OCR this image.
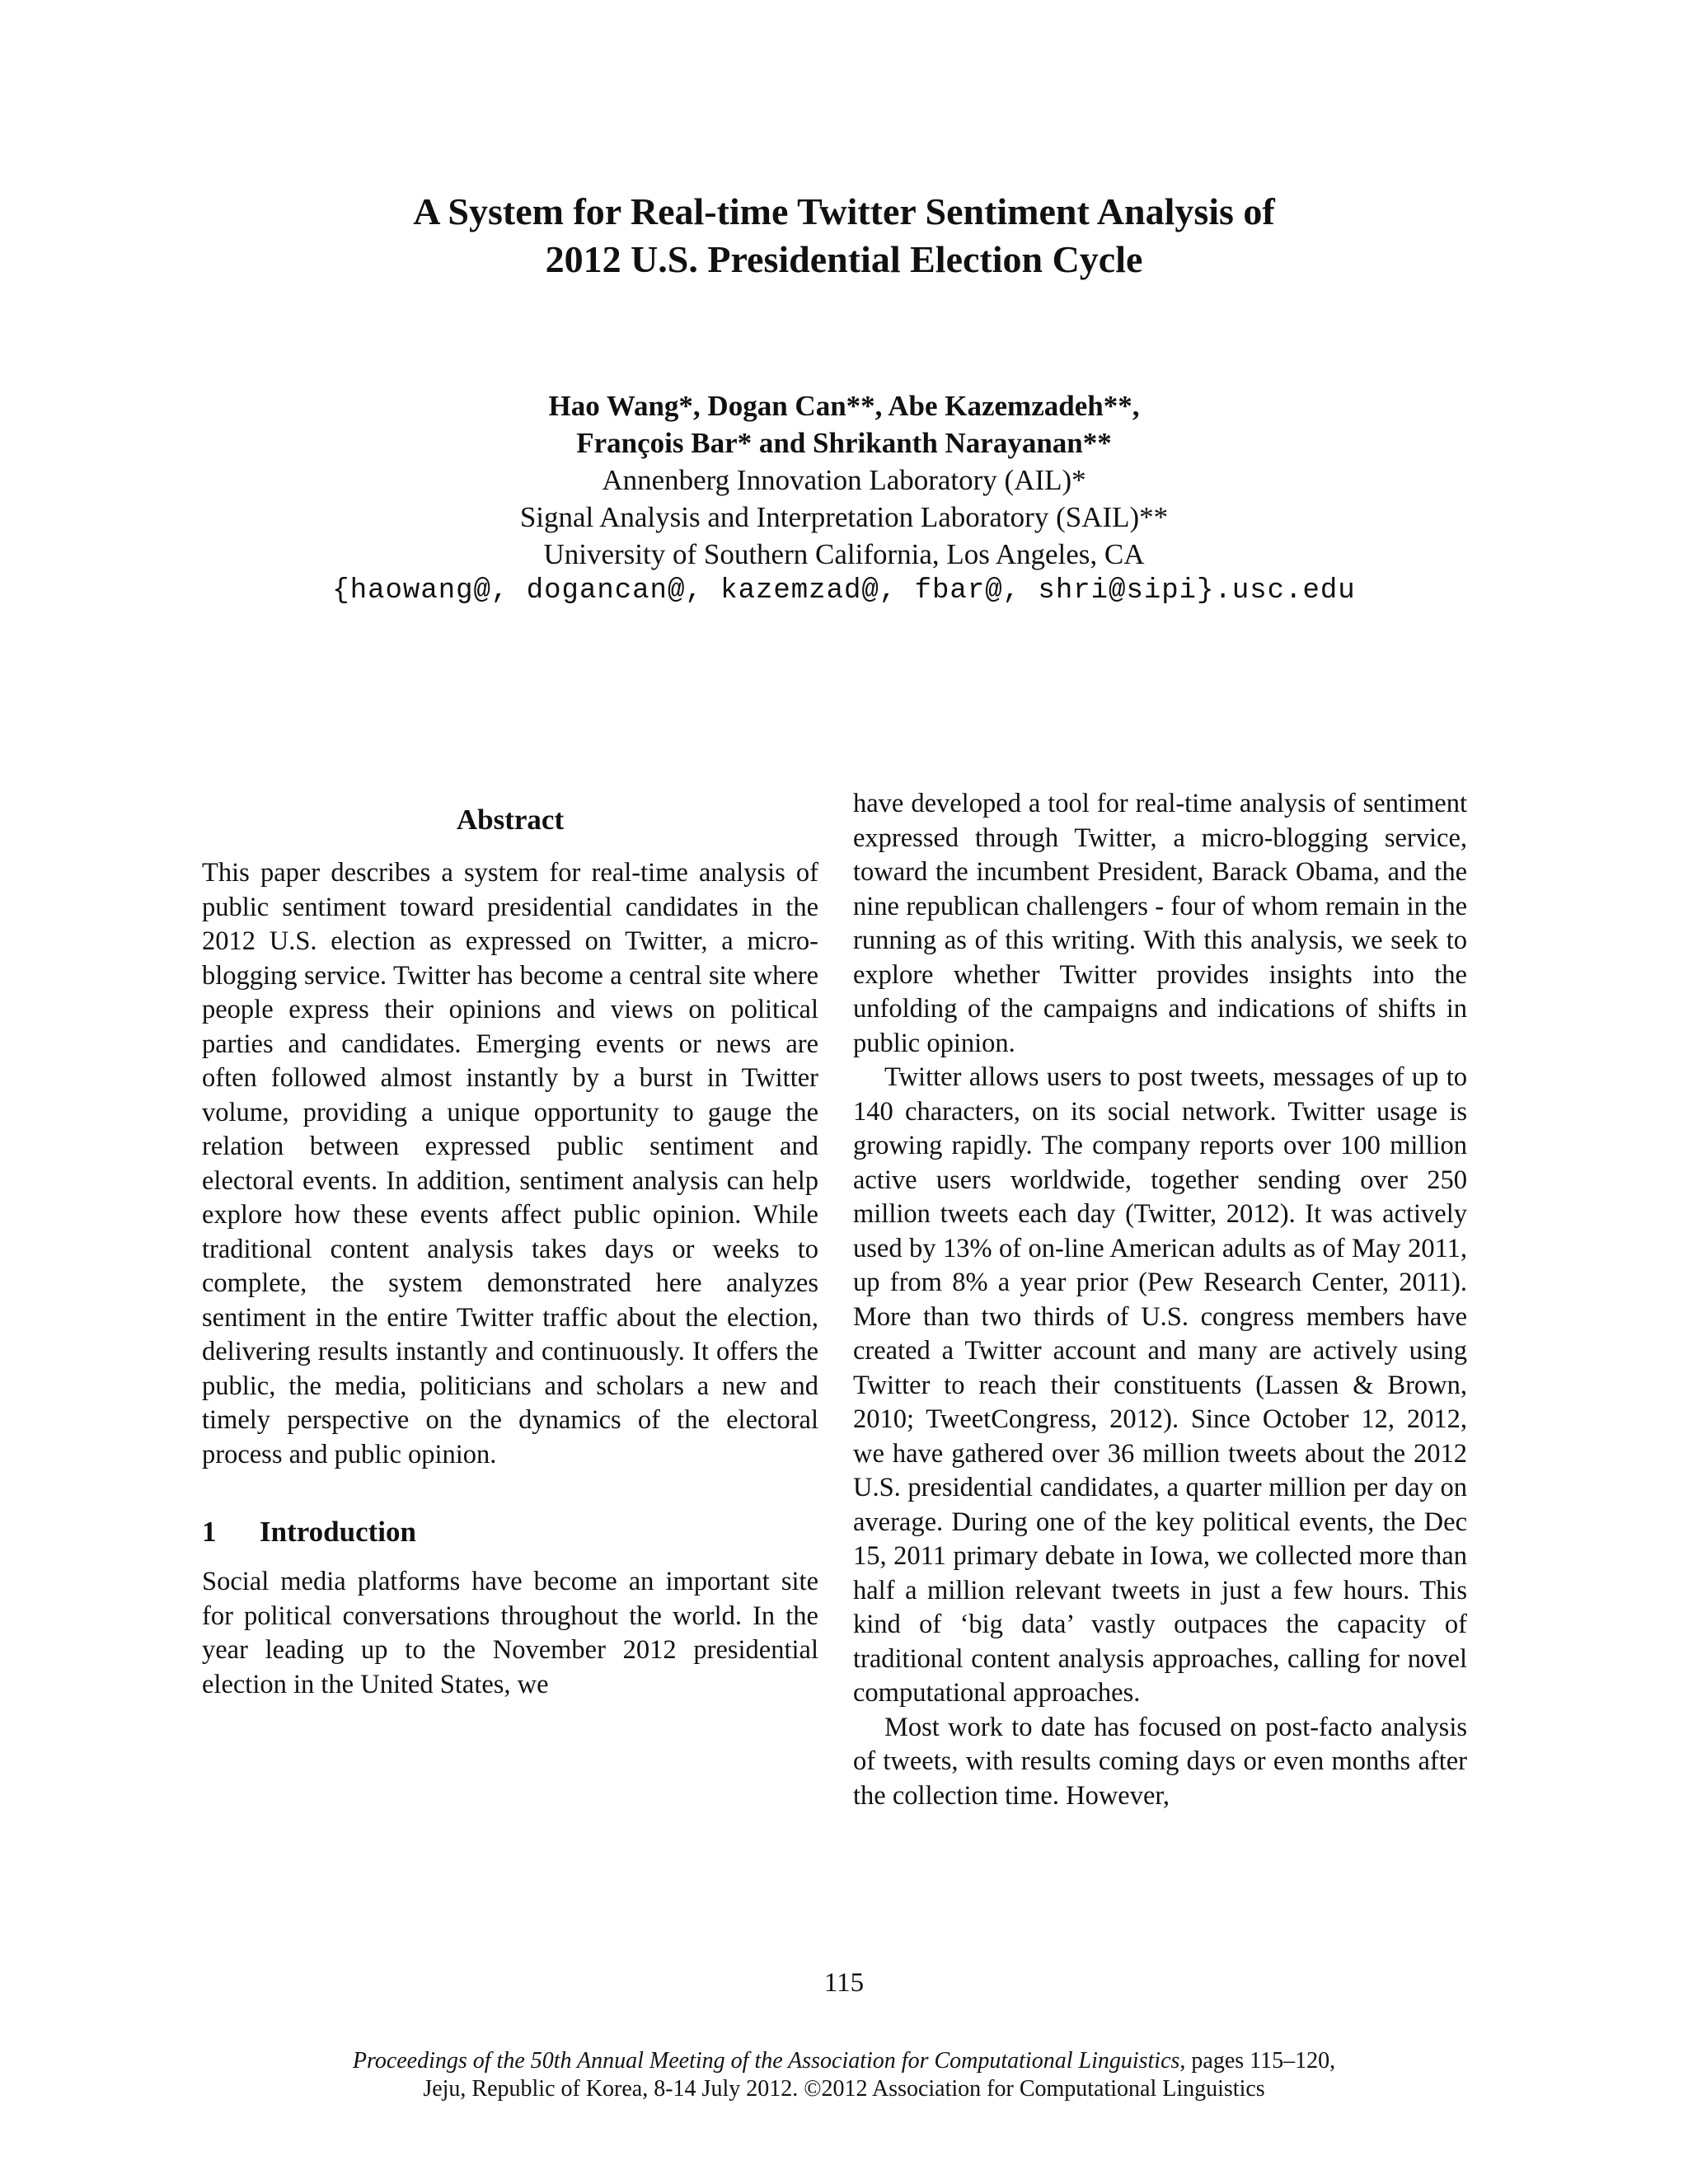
A System for Real-time Twitter Sentiment Analysis of
2012 U.S. Presidential Election Cycle
Hao Wang*, Dogan Can**, Abe Kazemzadeh**,
François Bar* and Shrikanth Narayanan**
Annenberg Innovation Laboratory (AIL)*
Signal Analysis and Interpretation Laboratory (SAIL)**
University of Southern California, Los Angeles, CA
{haowang@, dogancan@, kazemzad@, fbar@, shri@sipi}.usc.edu
Abstract

This paper describes a system for real-time analysis of public sentiment toward presidential candidates in the 2012 U.S. election as expressed on Twitter, a micro-blogging service. Twitter has become a central site where people express their opinions and views on political parties and candidates. Emerging events or news are often followed almost instantly by a burst in Twitter volume, providing a unique opportunity to gauge the relation between expressed public sentiment and electoral events. In addition, sentiment analysis can help explore how these events affect public opinion. While traditional content analysis takes days or weeks to complete, the system demonstrated here analyzes sentiment in the entire Twitter traffic about the election, delivering results instantly and continuously. It offers the public, the media, politicians and scholars a new and timely perspective on the dynamics of the electoral process and public opinion.

1 Introduction

Social media platforms have become an important site for political conversations throughout the world. In the year leading up to the November 2012 presidential election in the United States, we

have developed a tool for real-time analysis of sentiment expressed through Twitter, a micro-blogging service, toward the incumbent President, Barack Obama, and the nine republican challengers - four of whom remain in the running as of this writing. With this analysis, we seek to explore whether Twitter provides insights into the unfolding of the campaigns and indications of shifts in public opinion.

Twitter allows users to post tweets, messages of up to 140 characters, on its social network. Twitter usage is growing rapidly. The company reports over 100 million active users worldwide, together sending over 250 million tweets each day (Twitter, 2012). It was actively used by 13% of on-line American adults as of May 2011, up from 8% a year prior (Pew Research Center, 2011). More than two thirds of U.S. congress members have created a Twitter account and many are actively using Twitter to reach their constituents (Lassen & Brown, 2010; TweetCongress, 2012). Since October 12, 2012, we have gathered over 36 million tweets about the 2012 U.S. presidential candidates, a quarter million per day on average. During one of the key political events, the Dec 15, 2011 primary debate in Iowa, we collected more than half a million relevant tweets in just a few hours. This kind of ‘big data’ vastly outpaces the capacity of traditional content analysis approaches, calling for novel computational approaches.

Most work to date has focused on post-facto analysis of tweets, with results coming days or even months after the collection time. However,

115
Proceedings of the 50th Annual Meeting of the Association for Computational Linguistics, pages 115–120,
Jeju, Republic of Korea, 8-14 July 2012. ©2012 Association for Computational Linguistics
